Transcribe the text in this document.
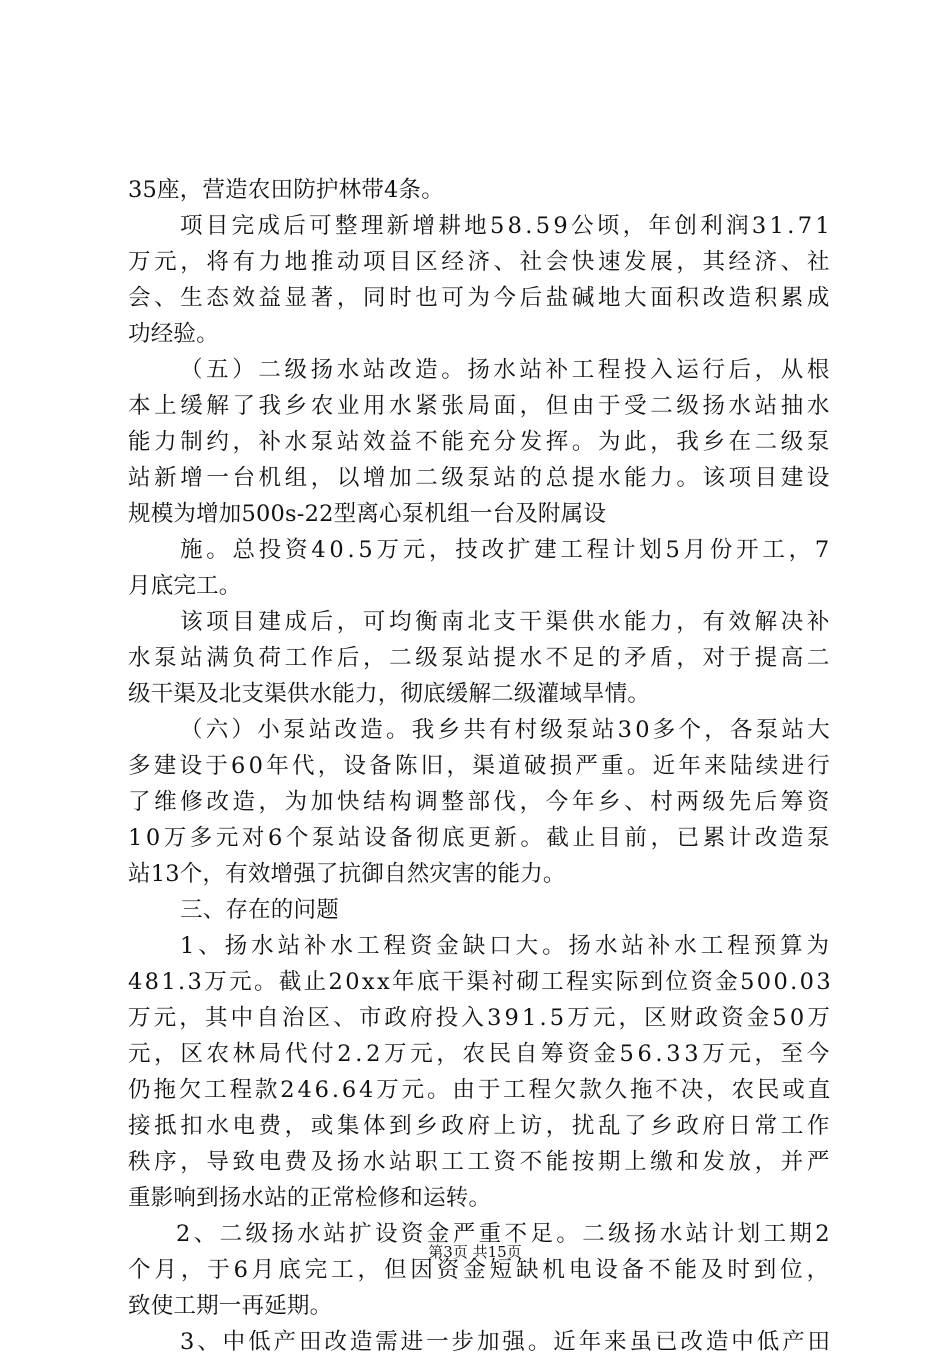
35座，营造农田防护林带4条。
项目完成后可整理新增耕地58.59公顷，年创利润31.71
万元，将有力地推动项目区经济、社会快速发展，其经济、社
会、生态效益显著，同时也可为今后盐碱地大面积改造积累成
功经验。
（五）二级扬水站改造。扬水站补工程投入运行后，从根
本上缓解了我乡农业用水紧张局面，但由于受二级扬水站抽水
能力制约，补水泵站效益不能充分发挥。为此，我乡在二级泵
站新增一台机组，以增加二级泵站的总提水能力。该项目建设
规模为增加500s-22型离心泵机组一台及附属设
施。总投资40.5万元，技改扩建工程计划5月份开工，7
月底完工。
该项目建成后，可均衡南北支干渠供水能力，有效解决补
水泵站满负荷工作后，二级泵站提水不足的矛盾，对于提高二
级干渠及北支渠供水能力，彻底缓解二级灌域旱情。
（六）小泵站改造。我乡共有村级泵站30多个，各泵站大
多建设于60年代，设备陈旧，渠道破损严重。近年来陆续进行
了维修改造，为加快结构调整部伐，今年乡、村两级先后筹资
10万多元对6个泵站设备彻底更新。截止目前，已累计改造泵
站13个，有效增强了抗御自然灾害的能力。
三、存在的问题
1、扬水站补水工程资金缺口大。扬水站补水工程预算为
481.3万元。截止20xx年底干渠衬砌工程实际到位资金500.03
万元，其中自治区、市政府投入391.5万元，区财政资金50万
元，区农林局代付2.2万元，农民自筹资金56.33万元，至今
仍拖欠工程款246.64万元。由于工程欠款久拖不决，农民或直
接抵扣水电费，或集体到乡政府上访，扰乱了乡政府日常工作
秩序，导致电费及扬水站职工工资不能按期上缴和发放，并严
重影响到扬水站的正常检修和运转。
2、二级扬水站扩设资金严重不足。二级扬水站计划工期2
个月，于6月底完工，但因资金短缺机电设备不能及时到位，
致使工期一再延期。
3、中低产田改造需进一步加强。近年来虽已改造中低产田
第3页 共15页
